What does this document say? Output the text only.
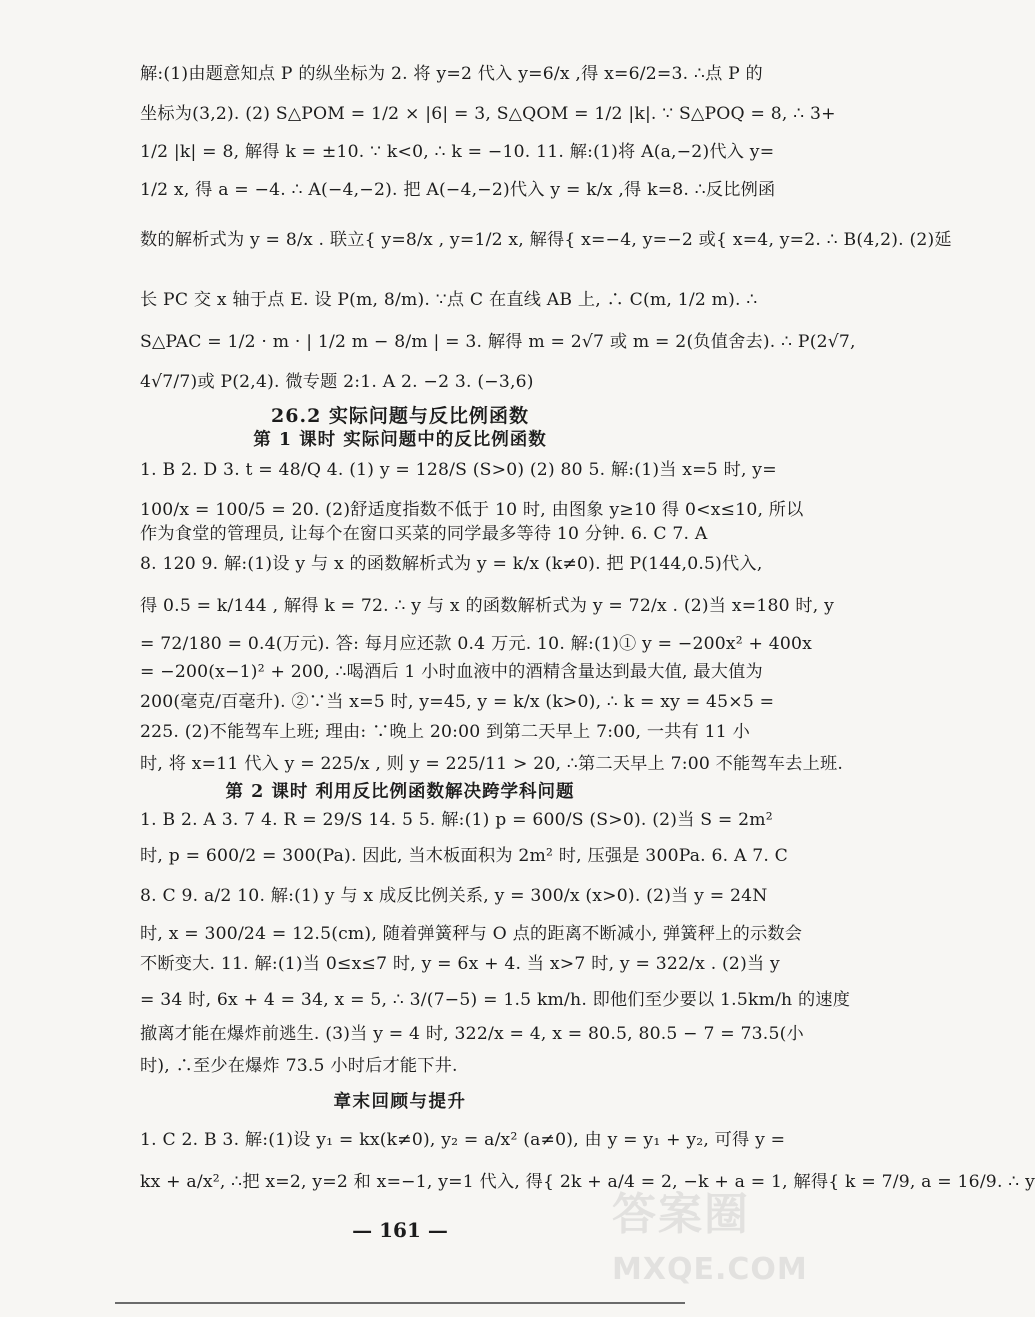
解:(1)由题意知点 P 的纵坐标为 2. 将 y=2 代入 y=6/x ,得 x=6/2=3. ∴点 P 的
坐标为(3,2). (2) S△POM = 1/2 × |6| = 3, S△QOM = 1/2 |k|. ∵ S△POQ = 8, ∴ 3+
1/2 |k| = 8, 解得 k = ±10. ∵ k<0, ∴ k = −10. 11. 解:(1)将 A(a,−2)代入 y=
1/2 x, 得 a = −4. ∴ A(−4,−2). 把 A(−4,−2)代入 y = k/x ,得 k=8. ∴反比例函
数的解析式为 y = 8/x . 联立{ y=8/x , y=1/2 x, 解得{ x=−4, y=−2 或{ x=4, y=2. ∴ B(4,2). (2)延
长 PC 交 x 轴于点 E. 设 P(m, 8/m). ∵点 C 在直线 AB 上, ∴ C(m, 1/2 m). ∴
S△PAC = 1/2 · m · | 1/2 m − 8/m | = 3. 解得 m = 2√7 或 m = 2(负值舍去). ∴ P(2√7,
4√7/7)或 P(2,4). 微专题 2:1. A 2. −2 3. (−3,6)
26.2 实际问题与反比例函数
第 1 课时 实际问题中的反比例函数
1. B 2. D 3. t = 48/Q 4. (1) y = 128/S (S>0) (2) 80 5. 解:(1)当 x=5 时, y=
100/x = 100/5 = 20. (2)舒适度指数不低于 10 时, 由图象 y≥10 得 0<x≤10, 所以
作为食堂的管理员, 让每个在窗口买菜的同学最多等待 10 分钟. 6. C 7. A
8. 120 9. 解:(1)设 y 与 x 的函数解析式为 y = k/x (k≠0). 把 P(144,0.5)代入,
得 0.5 = k/144 , 解得 k = 72. ∴ y 与 x 的函数解析式为 y = 72/x . (2)当 x=180 时, y
= 72/180 = 0.4(万元). 答: 每月应还款 0.4 万元. 10. 解:(1)① y = −200x² + 400x
= −200(x−1)² + 200, ∴喝酒后 1 小时血液中的酒精含量达到最大值, 最大值为
200(毫克/百毫升). ②∵当 x=5 时, y=45, y = k/x (k>0), ∴ k = xy = 45×5 =
225. (2)不能驾车上班; 理由: ∵晚上 20:00 到第二天早上 7:00, 一共有 11 小
时, 将 x=11 代入 y = 225/x , 则 y = 225/11 > 20, ∴第二天早上 7:00 不能驾车去上班.
第 2 课时 利用反比例函数解决跨学科问题
1. B 2. A 3. 7 4. R = 29/S 14. 5 5. 解:(1) p = 600/S (S>0). (2)当 S = 2m²
时, p = 600/2 = 300(Pa). 因此, 当木板面积为 2m² 时, 压强是 300Pa. 6. A 7. C
8. C 9. a/2 10. 解:(1) y 与 x 成反比例关系, y = 300/x (x>0). (2)当 y = 24N
时, x = 300/24 = 12.5(cm), 随着弹簧秤与 O 点的距离不断减小, 弹簧秤上的示数会
不断变大. 11. 解:(1)当 0≤x≤7 时, y = 6x + 4. 当 x>7 时, y = 322/x . (2)当 y
= 34 时, 6x + 4 = 34, x = 5, ∴ 3/(7−5) = 1.5 km/h. 即他们至少要以 1.5km/h 的速度
撤离才能在爆炸前逃生. (3)当 y = 4 时, 322/x = 4, x = 80.5, 80.5 − 7 = 73.5(小
时), ∴至少在爆炸 73.5 小时后才能下井.
章末回顾与提升
1. C 2. B 3. 解:(1)设 y₁ = kx(k≠0), y₂ = a/x² (a≠0), 由 y = y₁ + y₂, 可得 y =
kx + a/x², ∴把 x=2, y=2 和 x=−1, y=1 代入, 得{ 2k + a/4 = 2, −k + a = 1, 解得{ k = 7/9, a = 16/9. ∴ y
— 161 —	答案圈
MXQE.COM
